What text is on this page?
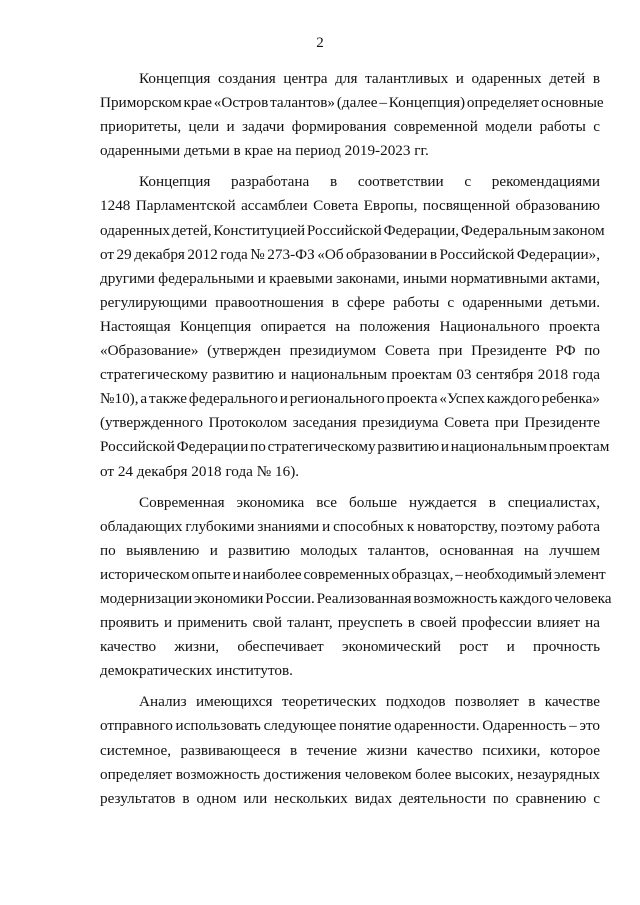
2

Концепция создания центра для талантливых и одаренных детей в
Приморском крае «Остров талантов» (далее – Концепция) определяет основные
приоритеты, цели и задачи формирования современной модели работы с
одаренными детьми в крае на период 2019-2023 гг.

Концепция разработана в соответствии с рекомендациями
1248 Парламентской ассамблеи Совета Европы, посвященной образованию
одаренных детей, Конституцией Российской Федерации, Федеральным законом
от 29 декабря 2012 года № 273-ФЗ «Об образовании в Российской Федерации»,
другими федеральными и краевыми законами, иными нормативными актами,
регулирующими правоотношения в сфере работы с одаренными детьми.
Настоящая Концепция опирается на положения Национального проекта
«Образование» (утвержден президиумом Совета при Президенте РФ по
стратегическому развитию и национальным проектам 03 сентября 2018 года
№10), а также федерального и регионального проекта «Успех каждого ребенка»
(утвержденного Протоколом заседания президиума Совета при Президенте
Российской Федерации по стратегическому развитию и национальным проектам
от 24 декабря 2018 года № 16).

Современная экономика все больше нуждается в специалистах,
обладающих глубокими знаниями и способных к новаторству, поэтому работа
по выявлению и развитию молодых талантов, основанная на лучшем
историческом опыте и наиболее современных образцах, – необходимый элемент
модернизации экономики России. Реализованная возможность каждого человека
проявить и применить свой талант, преуспеть в своей профессии влияет на
качество жизни, обеспечивает экономический рост и прочность
демократических институтов.

Анализ имеющихся теоретических подходов позволяет в качестве
отправного использовать следующее понятие одаренности. Одаренность – это
системное, развивающееся в течение жизни качество психики, которое
определяет возможность достижения человеком более высоких, незаурядных
результатов в одном или нескольких видах деятельности по сравнению с
